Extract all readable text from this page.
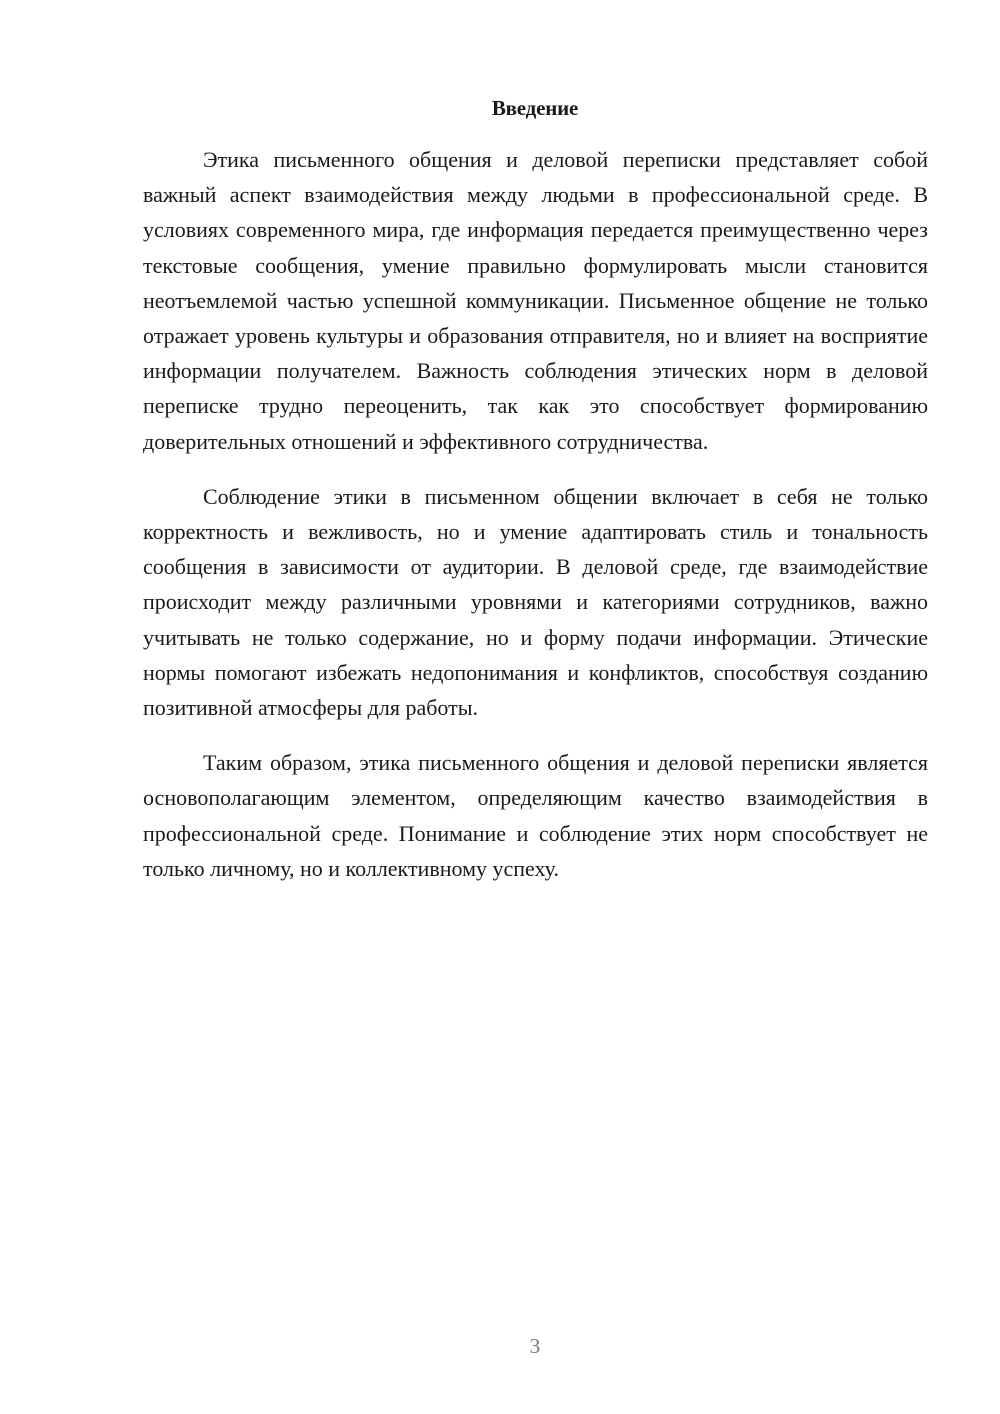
Введение

Этика письменного общения и деловой переписки представляет собой важный аспект взаимодействия между людьми в профессиональной среде. В условиях современного мира, где информация передается преимущественно через текстовые сообщения, умение правильно формулировать мысли становится неотъемлемой частью успешной коммуникации. Письменное общение не только отражает уровень культуры и образования отправителя, но и влияет на восприятие информации получателем. Важность соблюдения этических норм в деловой переписке трудно переоценить, так как это способствует формированию доверительных отношений и эффективного сотрудничества.

Соблюдение этики в письменном общении включает в себя не только корректность и вежливость, но и умение адаптировать стиль и тональность сообщения в зависимости от аудитории. В деловой среде, где взаимодействие происходит между различными уровнями и категориями сотрудников, важно учитывать не только содержание, но и форму подачи информации. Этические нормы помогают избежать недопонимания и конфликтов, способствуя созданию позитивной атмосферы для работы.

Таким образом, этика письменного общения и деловой переписки является основополагающим элементом, определяющим качество взаимодействия в профессиональной среде. Понимание и соблюдение этих норм способствует не только личному, но и коллективному успеху.

3
